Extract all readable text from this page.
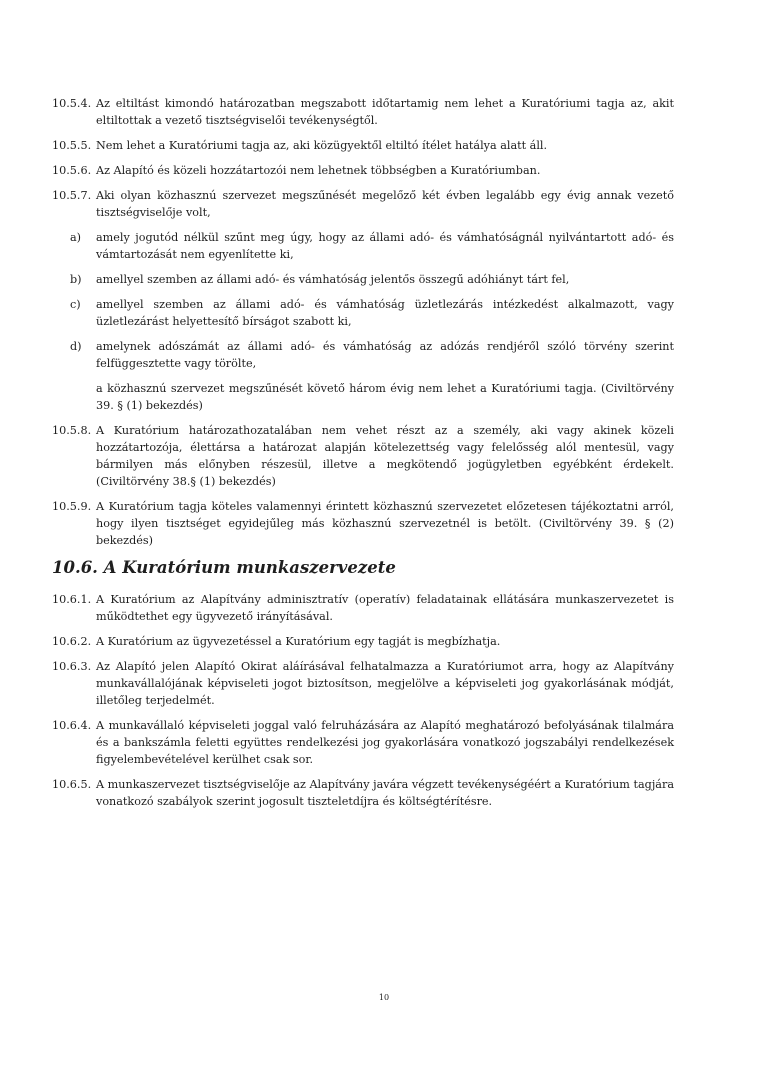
10.5.4. Az eltiltást kimondó határozatban megszabott időtartamig nem lehet a Kuratóriumi tagja az, akit eltiltottak a vezető tisztségviselői tevékenységtől.
10.5.5. Nem lehet a Kuratóriumi tagja az, aki közügyektől eltiltó ítélet hatálya alatt áll.
10.5.6. Az Alapító és közeli hozzátartozói nem lehetnek többségben a Kuratóriumban.
10.5.7. Aki olyan közhasznú szervezet megszűnését megelőző két évben legalább egy évig annak vezető tisztségviselője volt,
a)	amely jogutód nélkül szűnt meg úgy, hogy az állami adó- és vámhatóságnál nyilvántartott adó- és vámtartozását nem egyenlítette ki,
b)	amellyel szemben az állami adó- és vámhatóság jelentős összegű adóhiányt tárt fel,
c)	amellyel szemben az állami adó- és vámhatóság üzletlezárás intézkedést alkalmazott, vagy üzletlezárást helyettesítő bírságot szabott ki,
d)	amelynek adószámát az állami adó- és vámhatóság az adózás rendjéről szóló törvény szerint felfüggesztette vagy törölte,
a közhasznú szervezet megszűnését követő három évig nem lehet a Kuratóriumi tagja. (Civiltörvény 39. § (1) bekezdés)
10.5.8. A Kuratórium határozathozatalában nem vehet részt az a személy, aki vagy akinek közeli hozzátartozója, élettársa a határozat alapján kötelezettség vagy felelősség alól mentesül, vagy bármilyen más előnyben részesül, illetve a megkötendő jogügyletben egyébként érdekelt. (Civiltörvény 38.§ (1) bekezdés)
10.5.9. A Kuratórium tagja köteles valamennyi érintett közhasznú szervezetet előzetesen tájékoztatni arról, hogy ilyen tisztséget egyidejűleg más közhasznú szervezetnél is betölt. (Civiltörvény 39. § (2) bekezdés)
10.6. A Kuratórium munkaszervezete
10.6.1. A Kuratórium az Alapítvány adminisztratív (operatív) feladatainak ellátására munkaszervezetet is működtethet egy ügyvezető irányításával.
10.6.2. A Kuratórium az ügyvezetéssel a Kuratórium egy tagját is megbízhatja.
10.6.3. Az Alapító jelen Alapító Okirat aláírásával felhatalmazza a Kuratóriumot arra, hogy az Alapítvány munkavállalójának képviseleti jogot biztosítson, megjelölve a képviseleti jog gyakorlásának módját, illetőleg terjedelmét.
10.6.4. A munkavállaló képviseleti joggal való felruházására az Alapító meghatározó befolyásának tilalmára és a bankszámla feletti együttes rendelkezési jog gyakorlására vonatkozó jogszabályi rendelkezések figyelembevételével kerülhet csak sor.
10.6.5. A munkaszervezet tisztségviselője az Alapítvány javára végzett tevékenységéért a Kuratórium tagjára vonatkozó szabályok szerint jogosult tiszteletdíjra és költségtérítésre.
10
